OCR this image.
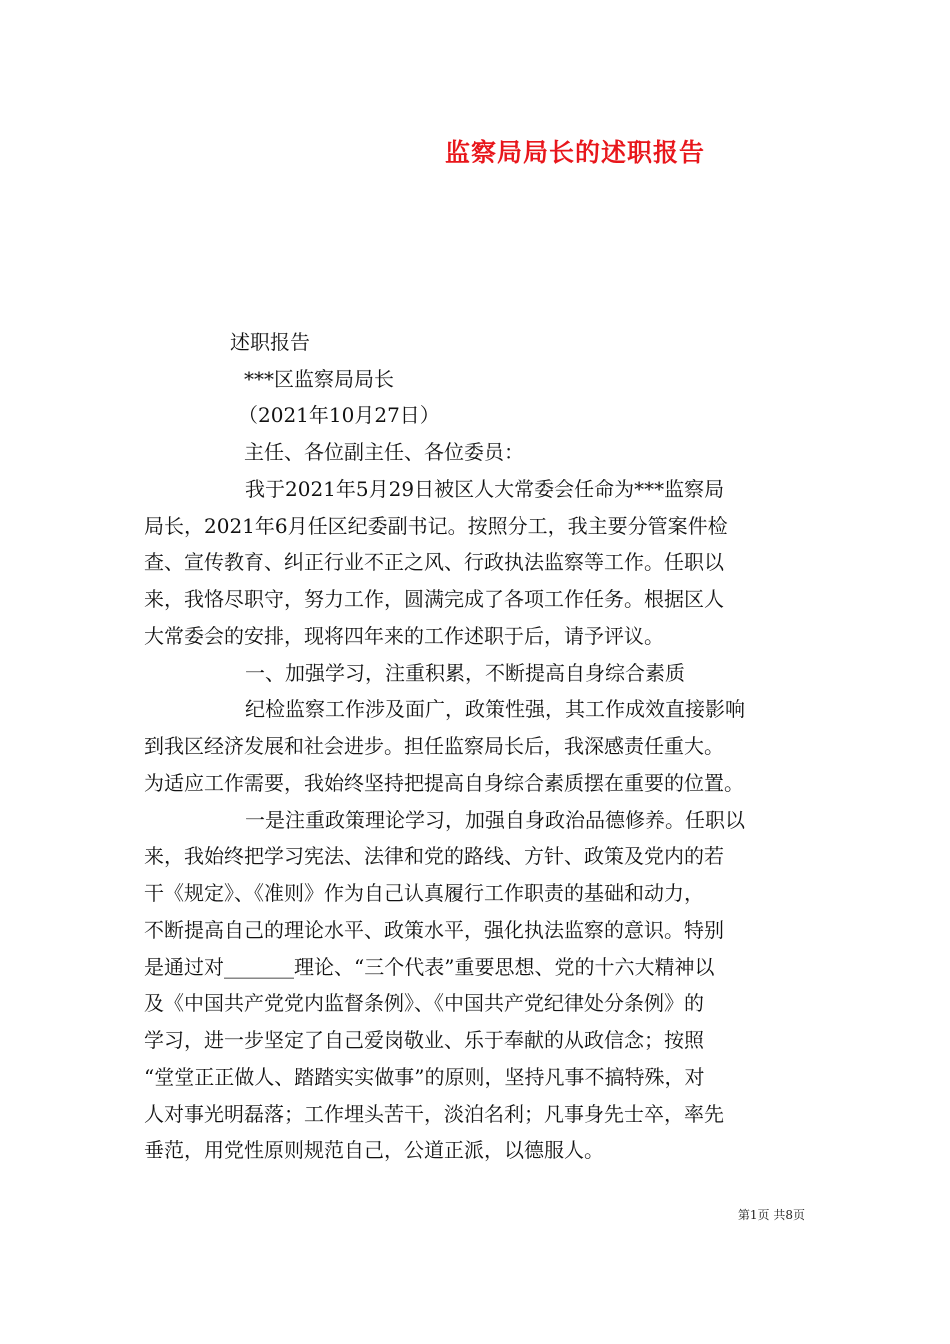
监察局局长的述职报告
述职报告
***区监察局局长
（2021年10月27日）
主任、各位副主任、各位委员：
我于2021年5月29日被区人大常委会任命为***监察局
局长，2021年6月任区纪委副书记。按照分工，我主要分管案件检
查、宣传教育、纠正行业不正之风、行政执法监察等工作。任职以
来，我恪尽职守，努力工作，圆满完成了各项工作任务。根据区人
大常委会的安排，现将四年来的工作述职于后，请予评议。
一、加强学习，注重积累，不断提高自身综合素质
纪检监察工作涉及面广，政策性强，其工作成效直接影响
到我区经济发展和社会进步。担任监察局长后，我深感责任重大。
为适应工作需要，我始终坚持把提高自身综合素质摆在重要的位置。
一是注重政策理论学习，加强自身政治品德修养。任职以
来，我始终把学习宪法、法律和党的路线、方针、政策及党内的若
干《规定》、《准则》作为自己认真履行工作职责的基础和动力，
不断提高自己的理论水平、政策水平，强化执法监察的意识。特别
是通过对_______理论、“三个代表”重要思想、党的十六大精神以
及《中国共产党党内监督条例》、《中国共产党纪律处分条例》的
学习，进一步坚定了自己爱岗敬业、乐于奉献的从政信念；按照
“堂堂正正做人、踏踏实实做事”的原则，坚持凡事不搞特殊，对
人对事光明磊落；工作埋头苦干，淡泊名利；凡事身先士卒，率先
垂范，用党性原则规范自己，公道正派，以德服人。
第1页 共8页
